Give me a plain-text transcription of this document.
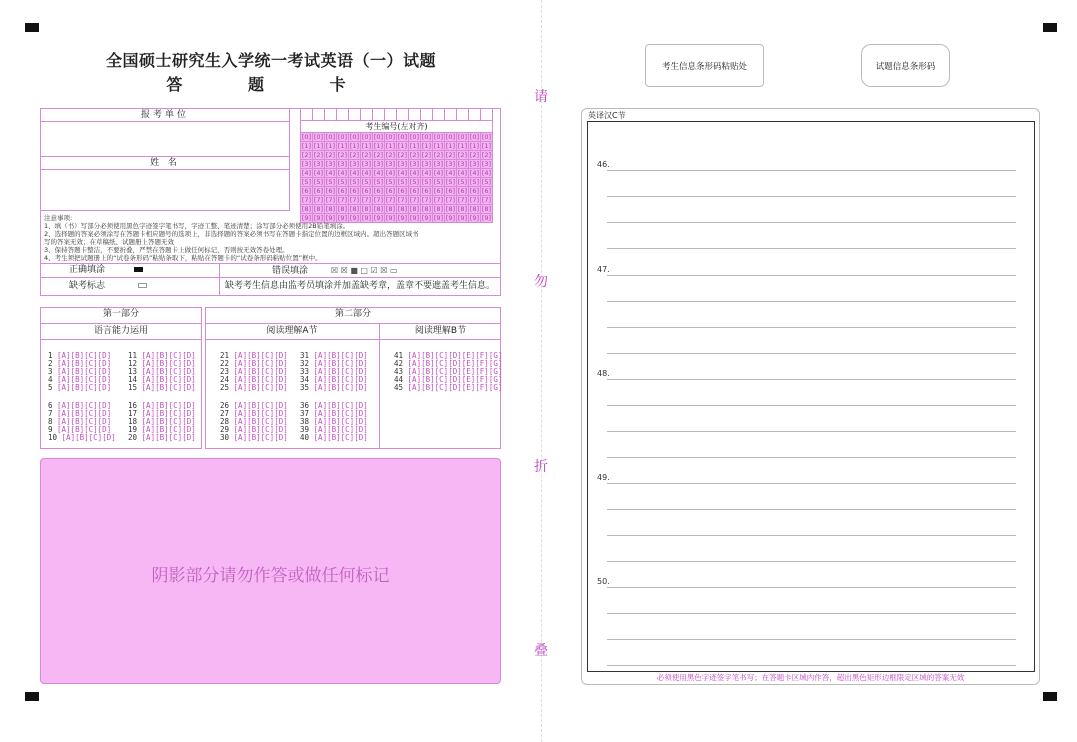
请
勿
折
叠
全国硕士研究生入学统一考试英语（一）试题
答 题 卡
报考单位
姓 名

考生编号(左对齐)															
[0]	[0]	[0]	[0]	[0]	[0]	[0]	[0]	[0]	[0]	[0]	[0]	[0]	[0]	[0]	[0]
[1]	[1]	[1]	[1]	[1]	[1]	[1]	[1]	[1]	[1]	[1]	[1]	[1]	[1]	[1]	[1]
[2]	[2]	[2]	[2]	[2]	[2]	[2]	[2]	[2]	[2]	[2]	[2]	[2]	[2]	[2]	[2]
[3]	[3]	[3]	[3]	[3]	[3]	[3]	[3]	[3]	[3]	[3]	[3]	[3]	[3]	[3]	[3]
[4]	[4]	[4]	[4]	[4]	[4]	[4]	[4]	[4]	[4]	[4]	[4]	[4]	[4]	[4]	[4]
[5]	[5]	[5]	[5]	[5]	[5]	[5]	[5]	[5]	[5]	[5]	[5]	[5]	[5]	[5]	[5]
[6]	[6]	[6]	[6]	[6]	[6]	[6]	[6]	[6]	[6]	[6]	[6]	[6]	[6]	[6]	[6]
[7]	[7]	[7]	[7]	[7]	[7]	[7]	[7]	[7]	[7]	[7]	[7]	[7]	[7]	[7]	[7]
[8]	[8]	[8]	[8]	[8]	[8]	[8]	[8]	[8]	[8]	[8]	[8]	[8]	[8]	[8]	[8]
[9]	[9]	[9]	[9]	[9]	[9]	[9]	[9]	[9]	[9]	[9]	[9]	[9]	[9]	[9]	[9]
注意事项:
1、填（书）写部分必须使用黑色字迹签字笔书写，字迹工整、笔迹清楚；涂写部分必须使用2B铅笔填涂。
2、选择题的答案必须涂写在答题卡相应题号的选项上，非选择题的答案必须书写在答题卡指定位置的边框区域内。超出答题区域书
写的答案无效；在草稿纸、试题册上答题无效
3、保持答题卡整洁，不要折叠，严禁在答题卡上做任何标记，否则按无效答卷处理。
4、考生须把试题册上的“试卷条形码”粘贴条取下，粘贴在答题卡的“试卷条形码粘贴位置”框中。
正确填涂	错误填涂	☒ ☒ ■ □ ☑ ☒ ▭
缺考标志	缺考考生信息由监考员填涂并加盖缺考章，盖章不要遮盖考生信息。
第一部分
语言能力运用
第二部分
阅读理解A节	阅读理解B节
1 [A][B][C][D]
2 [A][B][C][D]
3 [A][B][C][D]
4 [A][B][C][D]
5 [A][B][C][D]
6 [A][B][C][D]
7 [A][B][C][D]
8 [A][B][C][D]
9 [A][B][C][D]
10 [A][B][C][D]
11 [A][B][C][D]
12 [A][B][C][D]
13 [A][B][C][D]
14 [A][B][C][D]
15 [A][B][C][D]
16 [A][B][C][D]
17 [A][B][C][D]
18 [A][B][C][D]
19 [A][B][C][D]
20 [A][B][C][D]
21 [A][B][C][D]
22 [A][B][C][D]
23 [A][B][C][D]
24 [A][B][C][D]
25 [A][B][C][D]
26 [A][B][C][D]
27 [A][B][C][D]
28 [A][B][C][D]
29 [A][B][C][D]
30 [A][B][C][D]
31 [A][B][C][D]
32 [A][B][C][D]
33 [A][B][C][D]
34 [A][B][C][D]
35 [A][B][C][D]
36 [A][B][C][D]
37 [A][B][C][D]
38 [A][B][C][D]
39 [A][B][C][D]
40 [A][B][C][D]
41 [A][B][C][D][E][F][G]
42 [A][B][C][D][E][F][G]
43 [A][B][C][D][E][F][G]
44 [A][B][C][D][E][F][G]
45 [A][B][C][D][E][F][G]
阴影部分请勿作答或做任何标记
考生信息条形码粘贴处	试题信息条形码
英译汉C节
46.
47.
48.
49.
50.
必须使用黑色字迹签字笔书写；在答题卡区域内作答，超出黑色矩形边框限定区域的答案无效
